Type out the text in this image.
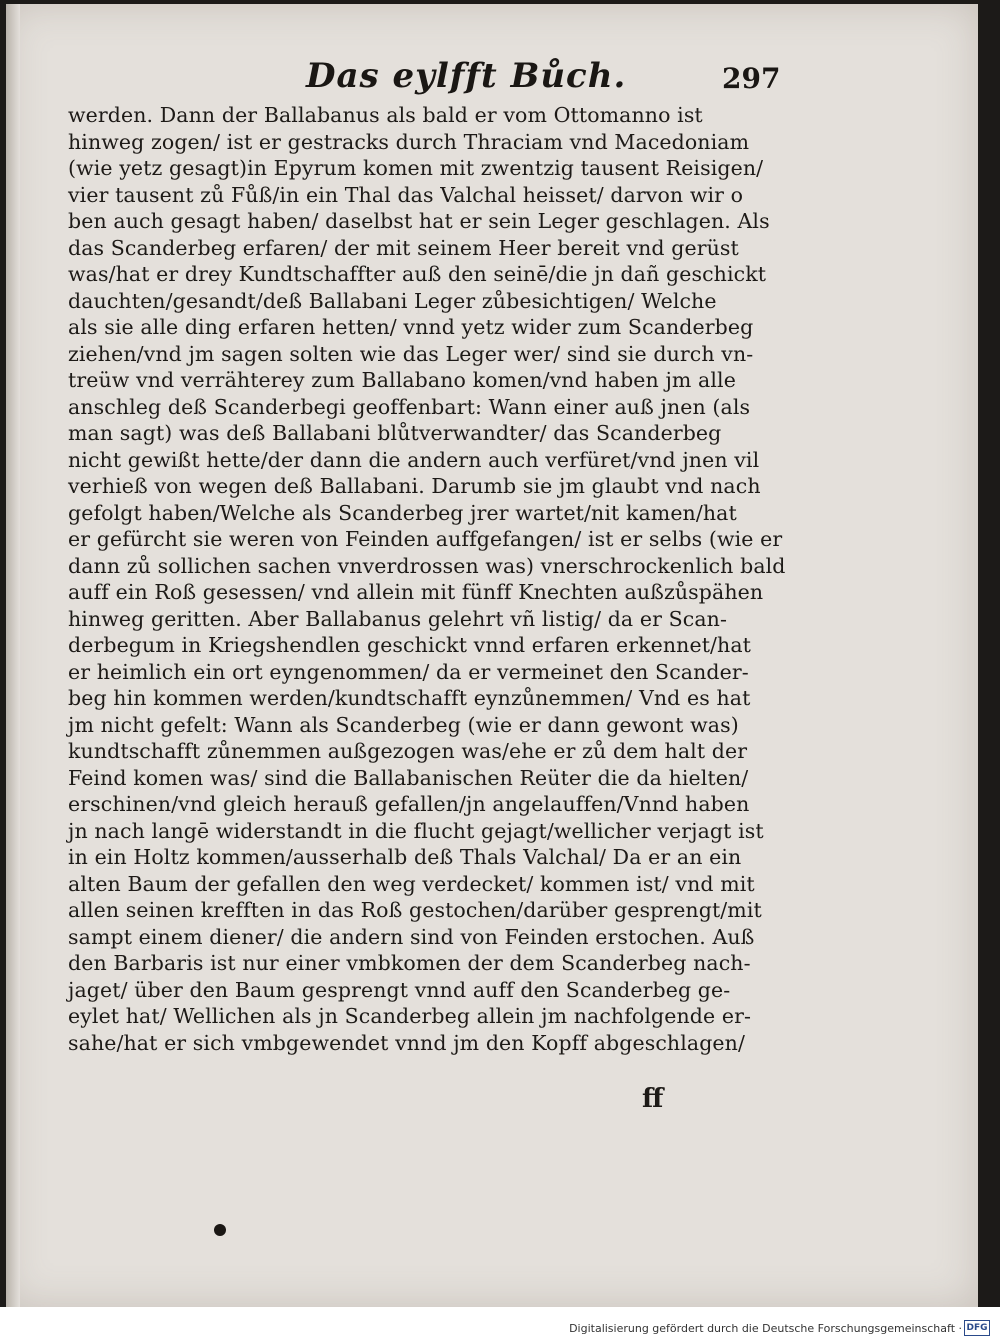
Das eylfft Bůch.	297
werden. Dann der Ballabanus als bald er vom Ottomanno ist
hinweg zogen/ ist er gestracks durch Thraciam vnd Macedoniam
(wie yetz gesagt)in Epyrum komen mit zwentzig tausent Reisigen/
vier tausent zů Fůß/in ein Thal das Valchal heisset/ darvon wir o
ben auch gesagt haben/ daselbst hat er sein Leger geschlagen. Als
das Scanderbeg erfaren/ der mit seinem Heer bereit vnd gerüst
was/hat er drey Kundtschaffter auß den seinē/die jn dañ geschickt
dauchten/gesandt/deß Ballabani Leger zůbesichtigen/ Welche
als sie alle ding erfaren hetten/ vnnd yetz wider zum Scanderbeg
ziehen/vnd jm sagen solten wie das Leger wer/ sind sie durch vn‑
treüw vnd verrähterey zum Ballabano komen/vnd haben jm alle
anschleg deß Scanderbegi geoffenbart: Wann einer auß jnen (als
man sagt) was deß Ballabani blůtverwandter/ das Scanderbeg
nicht gewißt hette/der dann die andern auch verfüret/vnd jnen vil
verhieß von wegen deß Ballabani. Darumb sie jm glaubt vnd nach
gefolgt haben/Welche als Scanderbeg jrer wartet/nit kamen/hat
er gefürcht sie weren von Feinden auffgefangen/ ist er selbs (wie er
dann zů sollichen sachen vnverdrossen was) vnerschrockenlich bald
auff ein Roß gesessen/ vnd allein mit fünff Knechten außzůspähen
hinweg geritten. Aber Ballabanus gelehrt vñ listig/ da er Scan‑
derbegum in Kriegshendlen geschickt vnnd erfaren erkennet/hat
er heimlich ein ort eyngenommen/ da er vermeinet den Scander‑
beg hin kommen werden/kundtschafft eynzůnemmen/ Vnd es hat
jm nicht gefelt: Wann als Scanderbeg (wie er dann gewont was)
kundtschafft zůnemmen außgezogen was/ehe er zů dem halt der
Feind komen was/ sind die Ballabanischen Reüter die da hielten/
erschinen/vnd gleich herauß gefallen/jn angelauffen/Vnnd haben
jn nach langē widerstandt in die flucht gejagt/wellicher verjagt ist
in ein Holtz kommen/ausserhalb deß Thals Valchal/ Da er an ein
alten Baum der gefallen den weg verdecket/ kommen ist/ vnd mit
allen seinen krefften in das Roß gestochen/darüber gesprengt/mit
sampt einem diener/ die andern sind von Feinden erstochen. Auß
den Barbaris ist nur einer vmbkomen der dem Scanderbeg nach‑
jaget/ über den Baum gesprengt vnnd auff den Scanderbeg ge‑
eylet hat/ Wellichen als jn Scanderbeg allein jm nachfolgende er‑
sahe/hat er sich vmbgewendet vnnd jm den Kopff abgeschlagen/
ff
Digitalisierung gefördert durch die Deutsche Forschungsgemeinschaft · DFG
